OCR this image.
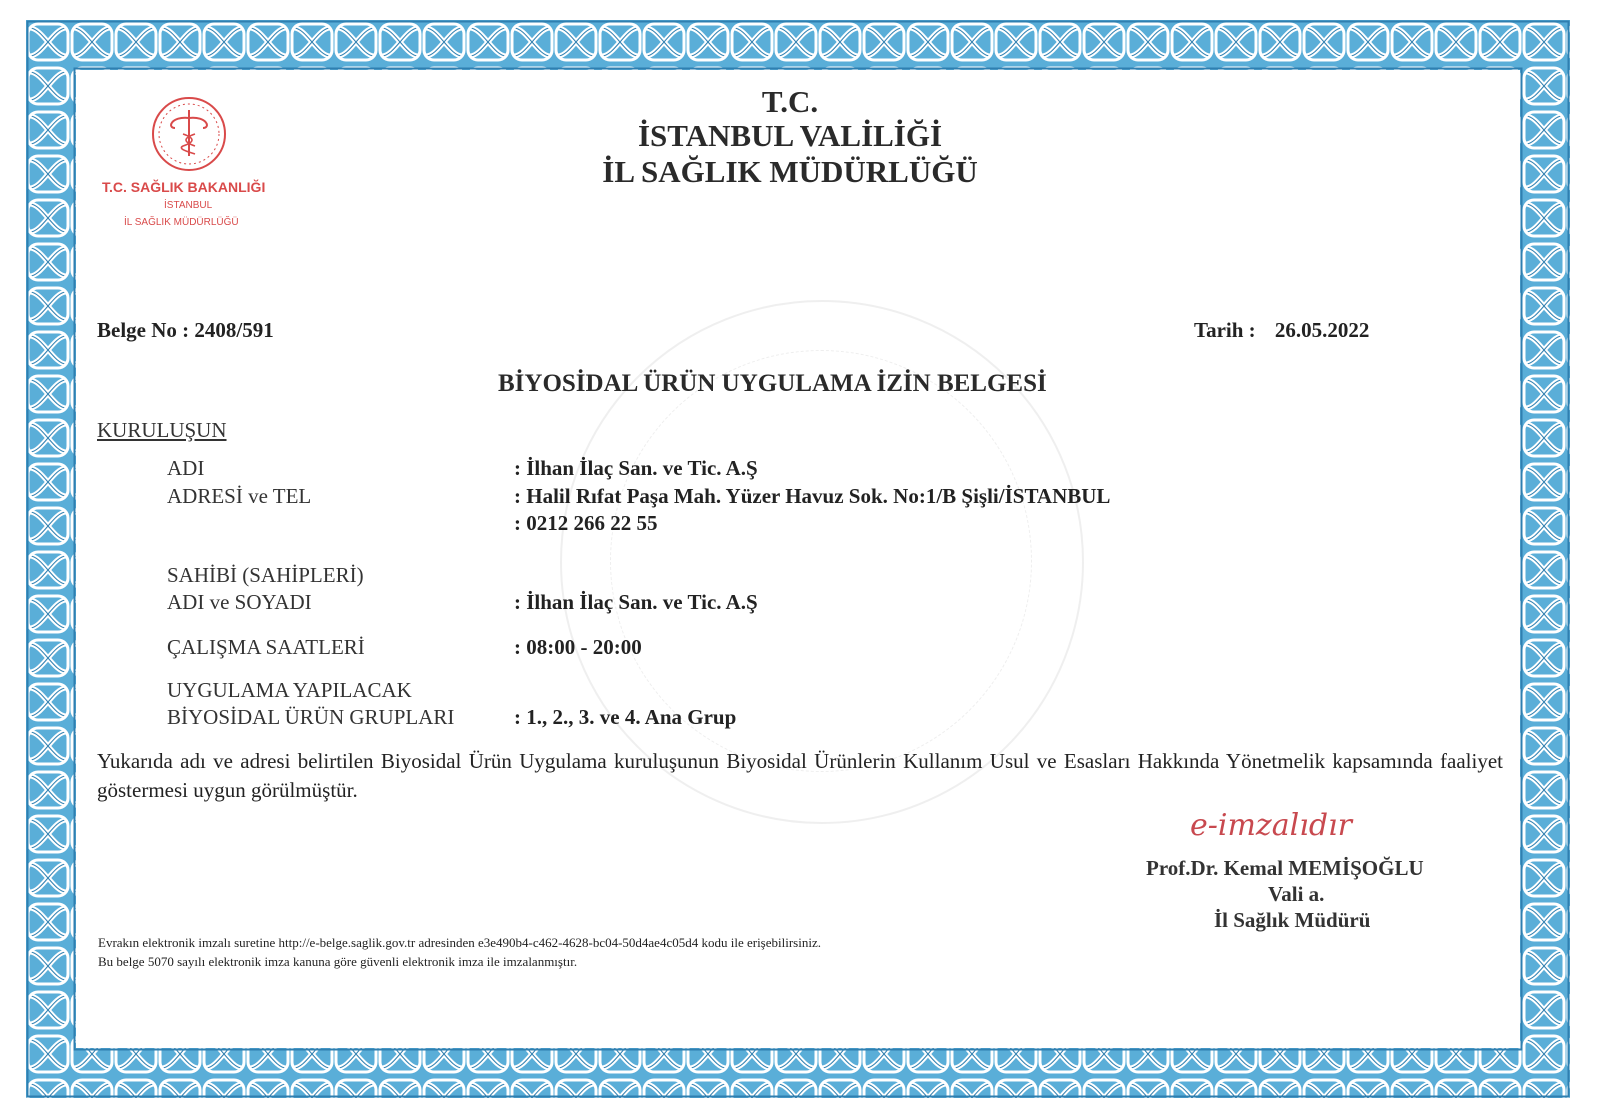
T.C. SAĞLIK BAKANLIĞI
İSTANBUL
İL SAĞLIK MÜDÜRLÜĞÜ
T.C.
İSTANBUL VALİLİĞİ
İL SAĞLIK MÜDÜRLÜĞÜ
Belge No : 2408/591	Tarih : 26.05.2022
BİYOSİDAL ÜRÜN UYGULAMA İZİN BELGESİ
KURULUŞUN
ADI	: İlhan İlaç San. ve Tic. A.Ş
ADRESİ ve TEL	: Halil Rıfat Paşa Mah. Yüzer Havuz Sok. No:1/B Şişli/İSTANBUL
: 0212 266 22 55
SAHİBİ (SAHİPLERİ)
ADI ve SOYADI	: İlhan İlaç San. ve Tic. A.Ş
ÇALIŞMA SAATLERİ	: 08:00 - 20:00
UYGULAMA YAPILACAK
BİYOSİDAL ÜRÜN GRUPLARI	: 1., 2., 3. ve 4. Ana Grup
Yukarıda adı ve adresi belirtilen Biyosidal Ürün Uygulama kuruluşunun Biyosidal Ürünlerin Kullanım Usul ve Esasları Hakkında Yönetmelik kapsamında faaliyet göstermesi uygun görülmüştür.
e-imzalıdır
Prof.Dr. Kemal MEMİŞOĞLU
Vali a.
İl Sağlık Müdürü
Evrakın elektronik imzalı suretine http://e-belge.saglik.gov.tr adresinden e3e490b4-c462-4628-bc04-50d4ae4c05d4 kodu ile erişebilirsiniz.
Bu belge 5070 sayılı elektronik imza kanuna göre güvenli elektronik imza ile imzalanmıştır.
